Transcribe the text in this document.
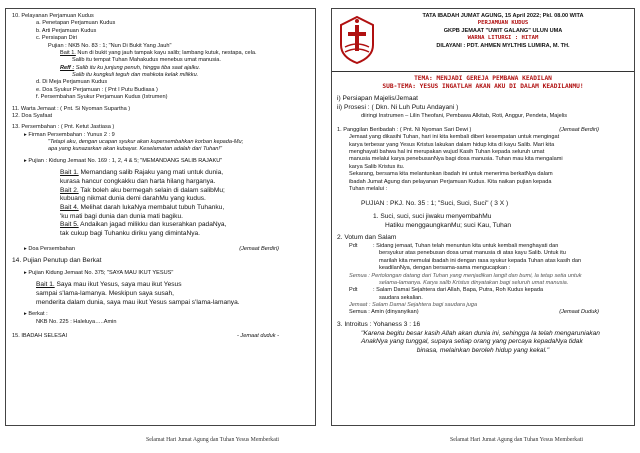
10. Pelayanan Perjamuan Kudus
a. Penetapan Perjamuan Kudus
b. Arti Perjamuan Kudus
c. Persiapan Diri
Pujian : NKB No. 83 : 1; "Nun Di Bukit Yang Jauh"
Bait 1. Nun di bukit yang jauh tampak kayu salib; lambang kutuk, nestapa, cela.
Salib itu tempat Tuhan Mahakudus menebus umat manusia.
Reff : Salib itu ku junjung penuh, hingga tiba saat ajalku.
Salib itu kungkuli teguh dan mahkota kelak milikku.
d. Di Meja Perjamuan Kudus
e. Doa Syukur Perjamuan : ( Pnt I Putu Budiasa )
f. Persembahan Syukur Perjamuan Kudus (Istrumen)
11. Warta Jemaat : ( Pnt. Si Nyoman Supartha )
12. Doa Syafaat
13. Persembahan : ( Pnt. Ketut Jastiasa )
▸ Firman Persembahan : Yunus 2 : 9
"Tetapi aku, dengan ucapan syukur akan kupersembahkan korban kepada-Mu;
apa yang kunazarkan akan kubayar. Keselamatan adalah dari Tuhan!"
▸ Pujian : Kidung Jemaat No. 169 : 1, 2, 4 & 5; "MEMANDANG SALIB RAJAKU"
Bait 1. Memandang salib Rajaku yang mati untuk dunia,
kurasa hancur congkakku dan harta hilang harganya.
Bait 2. Tak boleh aku bermegah selain di dalam salibMu;
kubuang nikmat dunia demi darahMu yang kudus.
Bait 4. Melihat darah lukaNya membalut tubuh Tuhanku,
'ku mati bagi dunia dan dunia mati bagiku.
Bait 5. Andaikan jagad milikku dan kuserahkan padaNya,
tak cukup bagi Tuhanku diriku yang dimintaNya.
▸ Doa Persembahan	(Jemaat Berdiri)
14. Pujian Penutup dan Berkat
▸ Pujian Kidung Jemaat No. 375; "SAYA MAU IKUT YESUS"
Bait 1. Saya mau ikut Yesus, saya mau ikut Yesus
sampai s'lama-lamanya. Meskipun saya susah,
menderita dalam dunia, saya mau ikut Yesus sampai s'lama-lamanya.
▸ Berkat :
NKB No. 225 : Haleluya…..Amin
15. IBADAH SELESAI	- Jemaat duduk -
TATA IBADAH JUMAT AGUNG, 15 April 2022; Pkl. 08.00 WITA
PERJAMUAN KUDUS
GKPB JEMAAT "UWIT GALANG" ULUN UMA
WARNA LITURGI : HITAM
DILAYANI : PDT. AHMEN MYLTHIS LUMIRA, M. TH.
TEMA: MENJADI GEREJA PEMBAWA KEADILAN
SUB-TEMA: YESUS INGATLAH AKAN AKU DI DALAM KEADILANMU!
i) Persiapan Majelis/Jemaat
ii) Prosesi : ( Dkn. Ni Luh Putu Andayani )
diiringi Instrumen – Lilin Theofani, Pembawa Alkitab, Roti, Anggur, Pendeta, Majelis
1. Panggilan Beribadah : ( Pnt. Ni Nyoman Sari Dewi )	(Jemaat Berdiri)
Jemaat yang dikasihi Tuhan, hari ini kita kembali diberi kesempatan untuk mengingat
karya terbesar yang Yesus Kristus lakukan dalam hidup kita di kayu Salib. Mari kita
menghayati bahwa hal ini merupakan wujud Kasih Tuhan kepada seluruh umat
manusia melalui karya penebusanNya bagi dosa manusia. Tuhan mau kita mengalami
karya Salib Kristus itu.
Sekarang, bersama kita melantunkan ibadah ini untuk menerima berkatNya dalam
ibadah Jumat Agung dan pelayanan Perjamuan Kudus. Kita naikan pujian kepada
Tuhan melalui :
PUJIAN : PKJ. No. 35 : 1; "Suci, Suci, Suci" ( 3 X )
1. Suci, suci, suci jiwaku menyembahMu
Hatiku menggaungkanMu; suci Kau, Tuhan
2. Votum dan Salam
Pdt	: Sidang jemaat, Tuhan telah menuntun kita untuk kembali menghayati dan
bersyukur atas penebusan dosa umat manusia di atas kayu Salib. Untuk itu
marilah kita memulai ibadah ini dengan rasa syukur kepada Tuhan atas kasih dan
keadilanNya, dengan bersama-sama mengucapkan :
Semua : Pertolongan datang dari Tuhan yang menjadikan langit dan bumi, la tetap setia untuk
selama-lamanya. Karya salib Kristus dinyatakan bagi seluruh umat manusia.
Pdt	: Salam Damai Sejahtera dari Allah, Bapa, Putra, Roh Kudus kepada
saudara sekalian.
Jemaat : Salam Damai Sejahtera bagi saudara juga
Semua : Amin (dinyanyikan)	(Jemaat Duduk)
3. Introitus : Yohaness 3 : 16
"Karena begitu besar kasih Allah akan dunia ini, sehingga Ia telah mengaruniakan
AnakNya yang tunggal, supaya setiap orang yang percaya kepadaNya tidak
binasa, melainkan beroleh hidup yang kekal."
Selamat Hari Jumat Agung dan Tuhan Yesus Memberkati	Selamat Hari Jumat Agung dan Tuhan Yesus Memberkati
